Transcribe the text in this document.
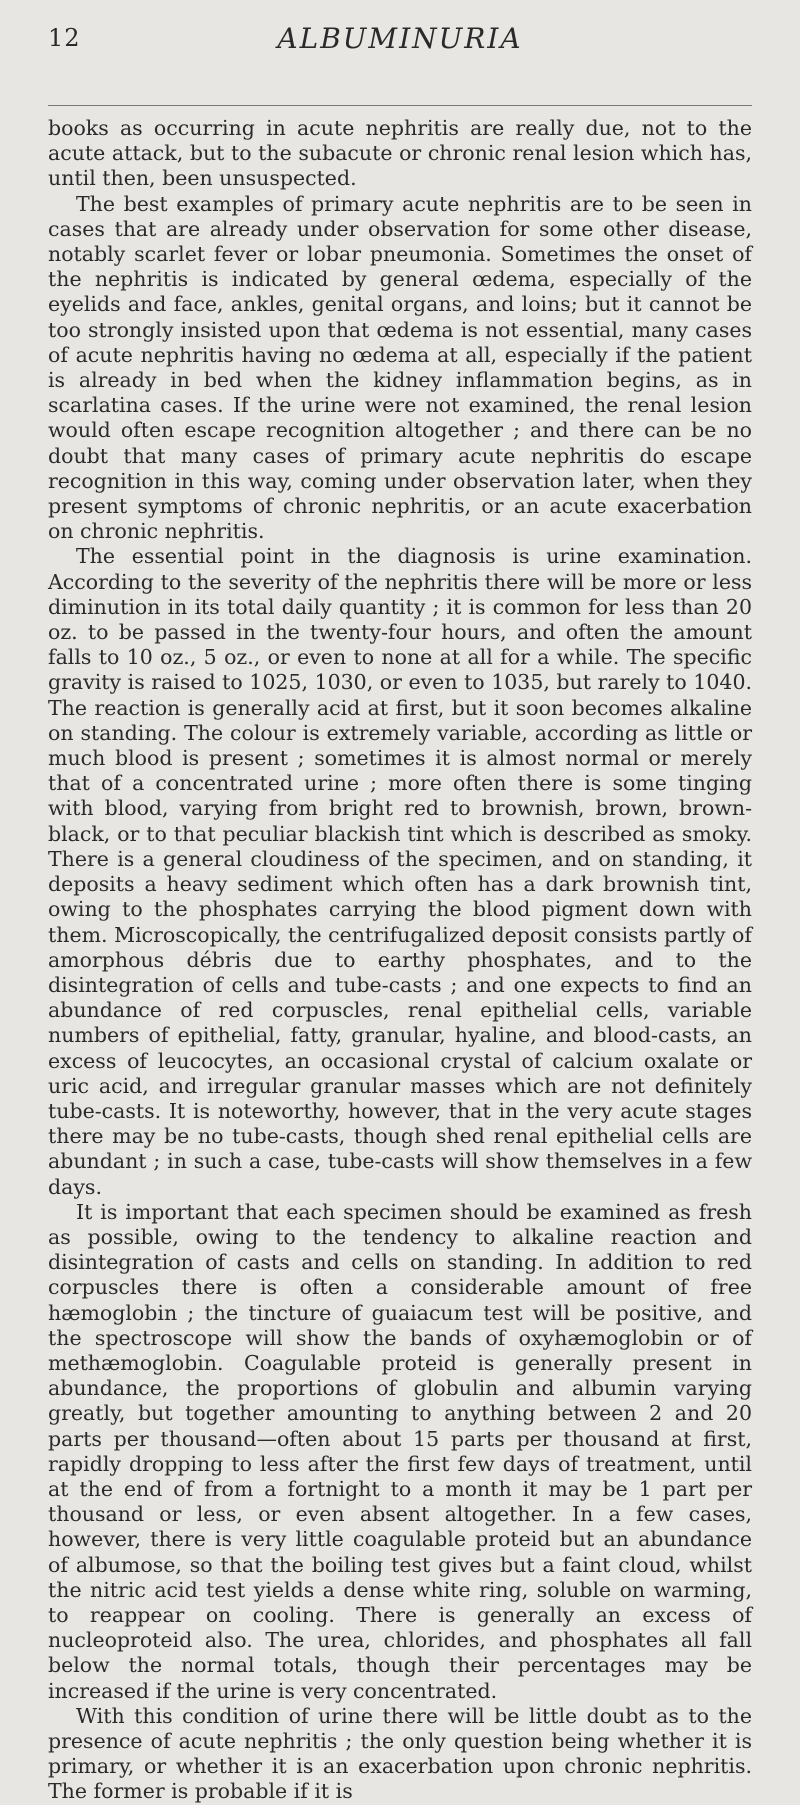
12	ALBUMINURIA

books as occurring in acute nephritis are really due, not to the acute attack, but to the subacute or chronic renal lesion which has, until then, been unsuspected.

The best examples of primary acute nephritis are to be seen in cases that are already under observation for some other disease, notably scarlet fever or lobar pneumonia. Sometimes the onset of the nephritis is indicated by general œdema, especially of the eyelids and face, ankles, genital organs, and loins; but it cannot be too strongly insisted upon that œdema is not essential, many cases of acute nephritis having no œdema at all, especially if the patient is already in bed when the kidney inflammation begins, as in scarlatina cases. If the urine were not examined, the renal lesion would often escape recognition altogether ; and there can be no doubt that many cases of primary acute nephritis do escape recognition in this way, coming under observation later, when they present symptoms of chronic nephritis, or an acute exacerbation on chronic nephritis.

The essential point in the diagnosis is urine examination. According to the severity of the nephritis there will be more or less diminution in its total daily quantity ; it is common for less than 20 oz. to be passed in the twenty-four hours, and often the amount falls to 10 oz., 5 oz., or even to none at all for a while. The specific gravity is raised to 1025, 1030, or even to 1035, but rarely to 1040. The reaction is generally acid at first, but it soon becomes alkaline on standing. The colour is extremely variable, according as little or much blood is present ; sometimes it is almost normal or merely that of a concentrated urine ; more often there is some tinging with blood, varying from bright red to brownish, brown, brown-black, or to that peculiar blackish tint which is described as smoky. There is a general cloudiness of the specimen, and on standing, it deposits a heavy sediment which often has a dark brownish tint, owing to the phosphates carrying the blood pigment down with them. Microscopically, the centrifugalized deposit consists partly of amorphous débris due to earthy phosphates, and to the disintegration of cells and tube-casts ; and one expects to find an abundance of red corpuscles, renal epithelial cells, variable numbers of epithelial, fatty, granular, hyaline, and blood-casts, an excess of leucocytes, an occasional crystal of calcium oxalate or uric acid, and irregular granular masses which are not definitely tube-casts. It is noteworthy, however, that in the very acute stages there may be no tube-casts, though shed renal epithelial cells are abundant ; in such a case, tube-casts will show themselves in a few days.

It is important that each specimen should be examined as fresh as possible, owing to the tendency to alkaline reaction and disintegration of casts and cells on standing. In addition to red corpuscles there is often a considerable amount of free hæmoglobin ; the tincture of guaiacum test will be positive, and the spectroscope will show the bands of oxyhæmoglobin or of methæmoglobin. Coagulable proteid is generally present in abundance, the proportions of globulin and albumin varying greatly, but together amounting to anything between 2 and 20 parts per thousand—often about 15 parts per thousand at first, rapidly dropping to less after the first few days of treatment, until at the end of from a fortnight to a month it may be 1 part per thousand or less, or even absent altogether. In a few cases, however, there is very little coagulable proteid but an abundance of albumose, so that the boiling test gives but a faint cloud, whilst the nitric acid test yields a dense white ring, soluble on warming, to reappear on cooling. There is generally an excess of nucleoproteid also. The urea, chlorides, and phosphates all fall below the normal totals, though their percentages may be increased if the urine is very concentrated.

With this condition of urine there will be little doubt as to the presence of acute nephritis ; the only question being whether it is primary, or whether it is an exacerbation upon chronic nephritis. The former is probable if it is
